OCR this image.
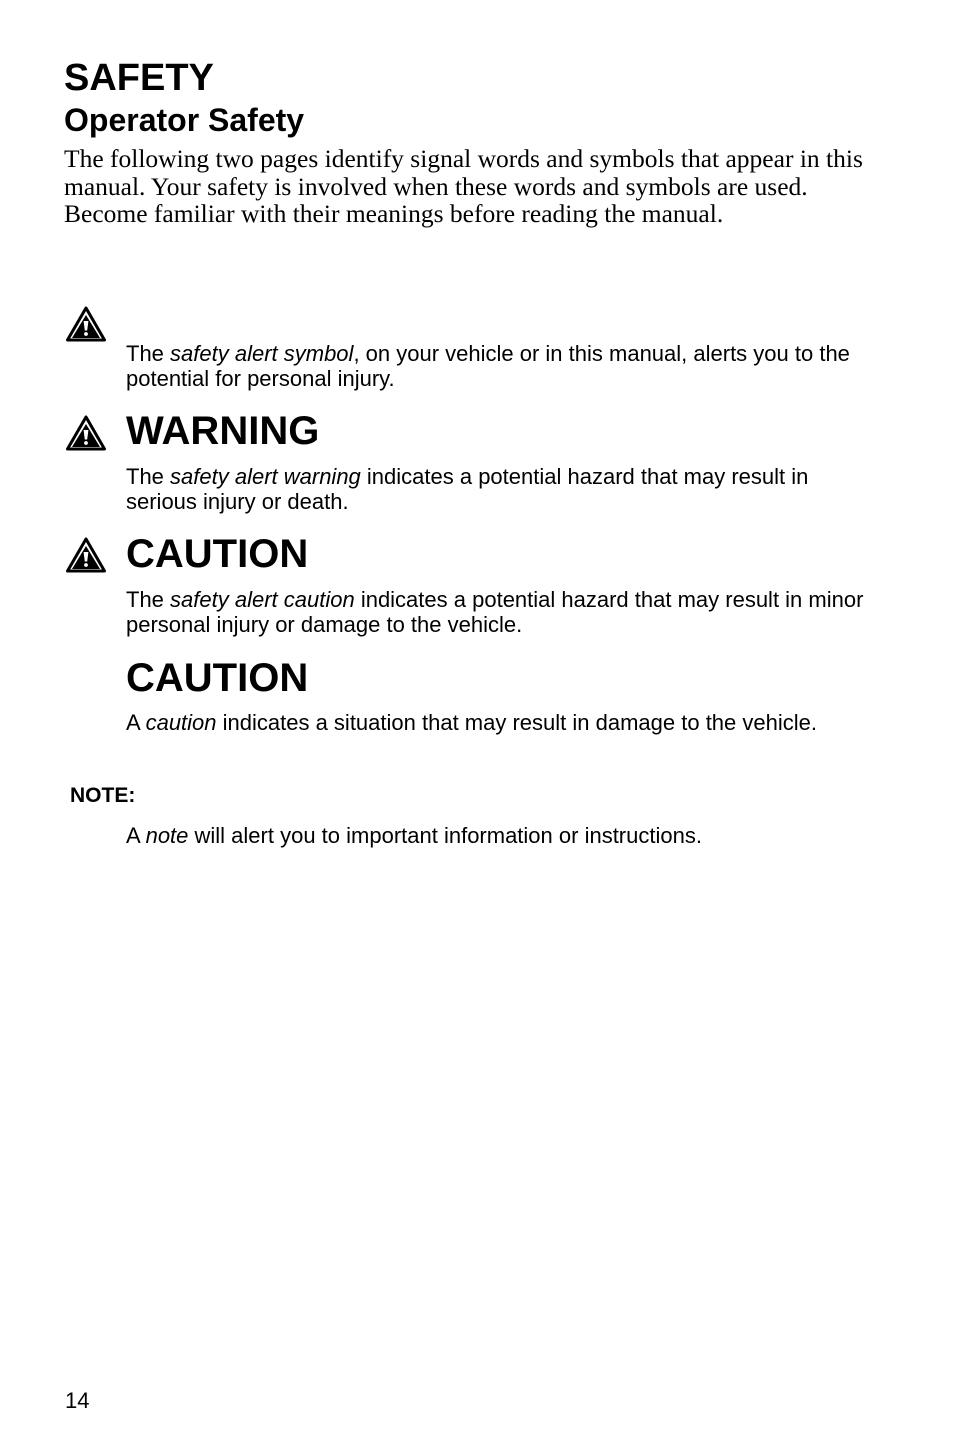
SAFETY
Operator Safety

The following two pages identify signal words and symbols that appear in this manual. Your safety is involved when these words and symbols are used. Become familiar with their meanings before reading the manual.

The safety alert symbol, on your vehicle or in this manual, alerts you to the potential for personal injury.

WARNING

The safety alert warning indicates a potential hazard that may result in serious injury or death.

CAUTION

The safety alert caution indicates a potential hazard that may result in minor personal injury or damage to the vehicle.

CAUTION

A caution indicates a situation that may result in damage to the vehicle.

NOTE:

A note will alert you to important information or instructions.

14
